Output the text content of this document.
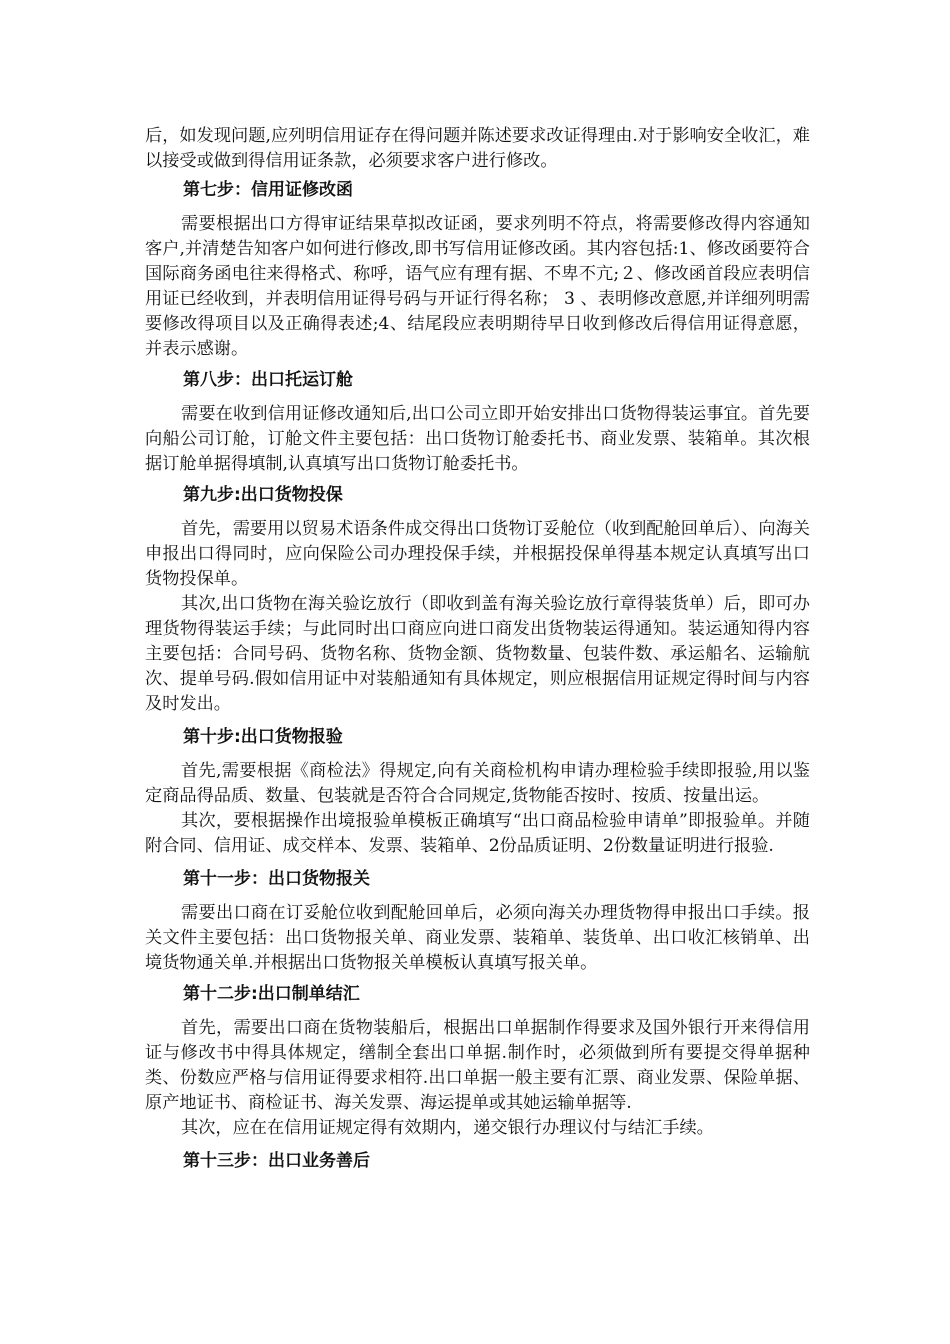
后，如发现问题,应列明信用证存在得问题并陈述要求改证得理由.对于影响安全收汇，难以接受或做到得信用证条款，必须要求客户进行修改。

第七步：信用证修改函

需要根据出口方得审证结果草拟改证函，要求列明不符点，将需要修改得内容通知客户,并清楚告知客户如何进行修改,即书写信用证修改函。其内容包括:1、修改函要符合国际商务函电往来得格式、称呼，语气应有理有据、不卑不亢;２、修改函首段应表明信用证已经收到，并表明信用证得号码与开证行得名称； 3 、表明修改意愿,并详细列明需要修改得项目以及正确得表述;4、结尾段应表明期待早日收到修改后得信用证得意愿，并表示感谢。

第八步：出口托运订舱

需要在收到信用证修改通知后,出口公司立即开始安排出口货物得装运事宜。首先要向船公司订舱，订舱文件主要包括：出口货物订舱委托书、商业发票、装箱单。其次根据订舱单据得填制,认真填写出口货物订舱委托书。

第九步:出口货物投保

首先，需要用以贸易术语条件成交得出口货物订妥舱位（收到配舱回单后）、向海关申报出口得同时，应向保险公司办理投保手续，并根据投保单得基本规定认真填写出口货物投保单。

其次,出口货物在海关验讫放行（即收到盖有海关验讫放行章得装货单）后，即可办理货物得装运手续；与此同时出口商应向进口商发出货物装运得通知。装运通知得内容主要包括：合同号码、货物名称、货物金额、货物数量、包装件数、承运船名、运输航次、提单号码.假如信用证中对装船通知有具体规定，则应根据信用证规定得时间与内容及时发出。

第十步:出口货物报验

首先,需要根据《商检法》得规定,向有关商检机构申请办理检验手续即报验,用以鉴定商品得品质、数量、包装就是否符合合同规定,货物能否按时、按质、按量出运。

其次，要根据操作出境报验单模板正确填写“出口商品检验申请单”即报验单。并随附合同、信用证、成交样本、发票、装箱单、2份品质证明、2份数量证明进行报验.

第十一步：出口货物报关

需要出口商在订妥舱位收到配舱回单后，必须向海关办理货物得申报出口手续。报关文件主要包括：出口货物报关单、商业发票、装箱单、装货单、出口收汇核销单、出境货物通关单.并根据出口货物报关单模板认真填写报关单。

第十二步:出口制单结汇

首先，需要出口商在货物装船后，根据出口单据制作得要求及国外银行开来得信用证与修改书中得具体规定，缮制全套出口单据.制作时，必须做到所有要提交得单据种类、份数应严格与信用证得要求相符.出口单据一般主要有汇票、商业发票、保险单据、原产地证书、商检证书、海关发票、海运提单或其她运输单据等.

其次，应在在信用证规定得有效期内，递交银行办理议付与结汇手续。

第十三步：出口业务善后
